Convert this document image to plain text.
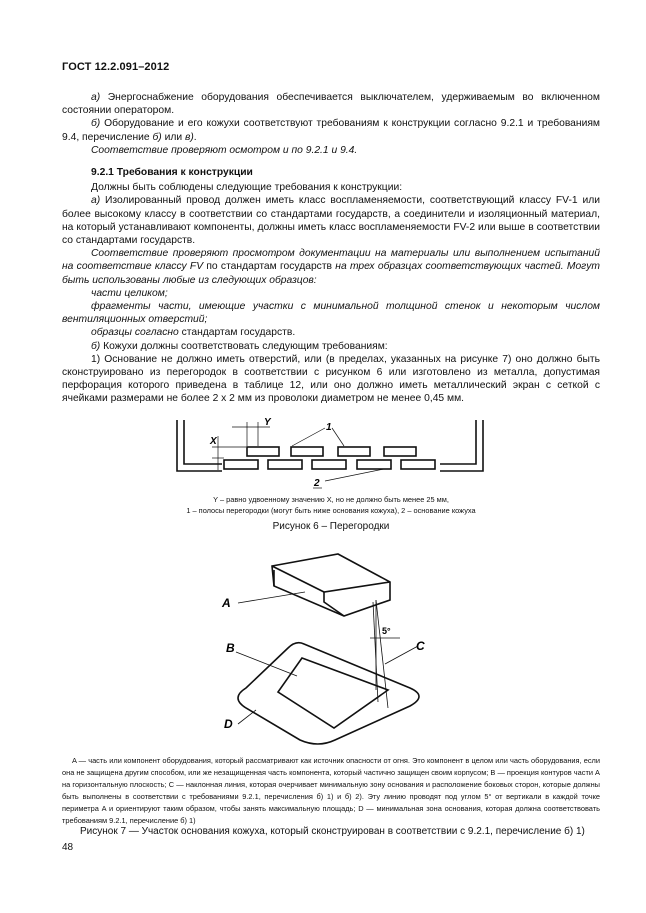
ГОСТ 12.2.091–2012

а) Энергоснабжение оборудования обеспечивается выключателем, удерживаемым во включенном состоянии оператором.

б) Оборудование и его кожухи соответствуют требованиям к конструкции согласно 9.2.1 и требованиям 9.4, перечисление б) или в).

Соответствие проверяют осмотром и по 9.2.1 и 9.4.

9.2.1 Требования к конструкции

Должны быть соблюдены следующие требования к конструкции:

а) Изолированный провод должен иметь класс воспламеняемости, соответствующий классу FV-1 или более высокому классу в соответствии со стандартами государств, а соединители и изоляционный материал, на который устанавливают компоненты, должны иметь класс воспламеняемости FV-2 или выше в соответствии со стандартами государств.

Соответствие проверяют просмотром документации на материалы или выполнением испытаний на соответствие классу FV по стандартам государств на трех образцах соответствующих частей. Могут быть использованы любые из следующих образцов:

части целиком;

фрагменты части, имеющие участки с минимальной толщиной стенок и некоторым числом вентиляционных отверстий;

образцы согласно стандартам государств.

б) Кожухи должны соответствовать следующим требованиям:

1) Основание не должно иметь отверстий, или (в пределах, указанных на рисунке 7) оно должно быть сконструировано из перегородок в соответствии с рисунком 6 или изготовлено из металла, допустимая перфорация которого приведена в таблице 12, или оно должно иметь металлический экран с сеткой с ячейками размерами не более 2 x 2 мм из проволоки диаметром не менее 0,45 мм.

Y
X
1
2
Y – равно удвоенному значению X, но не должно быть менее 25 мм,
1 – полосы перегородки (могут быть ниже основания кожуха), 2 – основание кожуха
Рисунок 6 – Перегородки
A
B	C
D
5°
A — часть или компонент оборудования, который рассматривают как источник опасности от огня. Это компонент в целом или часть оборудования, если она не защищена другим способом, или же незащищенная часть компонента, который частично защищен своим корпусом; B — проекция контуров части A на горизонтальную плоскость; C — наклонная линия, которая очерчивает минимальную зону основания и расположение боковых сторон, которые должны быть выполнены в соответствии с требованиями 9.2.1, перечисления б) 1) и б) 2). Эту линию проводят под углом 5° от вертикали в каждой точке периметра A и ориентируют таким образом, чтобы занять максимальную площадь; D — минимальная зона основания, которая должна соответствовать требованиям 9.2.1, перечисление б) 1)
Рисунок 7 — Участок основания кожуха, который сконструирован в соответствии с 9.2.1, перечисление б) 1)
48
